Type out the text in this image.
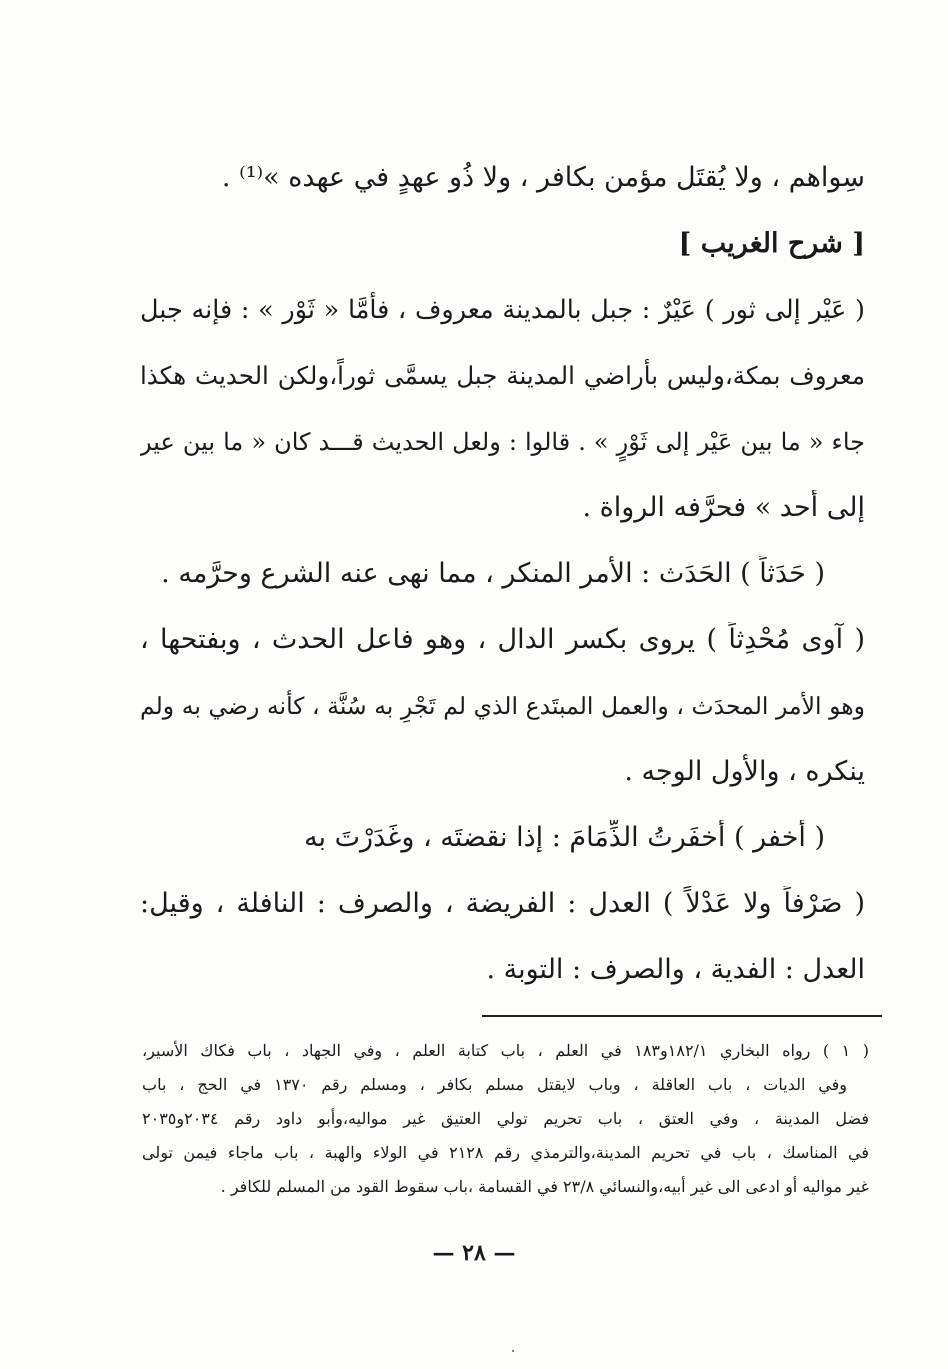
سِواهم ، ولا يُقتَل مؤمن بكافر ، ولا ذُو عهدٍ في عهده »⁽¹⁾ .
[ شرح الغريب ]
( عَيْر إلى ثور ) عَيْرٌ : جبل بالمدينة معروف ، فأمَّا « ثَوْر » : فإنه جبل
معروف بمكة،وليس بأراضي المدينة جبل يسمَّى ثوراً،ولكن الحديث هكذا
جاء « ما بين عَيْر إلى ثَوْرٍ » . قالوا : ولعل الحديث قـــد كان « ما بين عير
إلى أُحد » فحرَّفه الرواة .
( حَدَثاً ) الحَدَث : الأمر المنكر ، مما نهى عنه الشرع وحرَّمه .
( آوى مُحْدِثاً ) يروى بكسر الدال ، وهو فاعل الحدث ، وبفتحها ،
وهو الأمر المحدَث ، والعمل المبتَدع الذي لم تَجْرِ به سُنَّة ، كأنه رضي به ولم
ينكره ، والأول الوجه .
( أخفر ) أخفَرتُ الذِّمَامَ : إذا نقضتَه ، وغَدَرْتَ به
( صَرْفاً ولا عَدْلاً ) العدل : الفريضة ، والصرف : النافلة ، وقيل:
العدل : الفدية ، والصرف : التوبة .
( ١ ) رواه البخاري ١٨٢/١و١٨٣ في العلم ، باب كتابة العلم ، وفي الجهاد ، باب فكاك الأسير،
وفي الديات ، باب العاقلة ، وباب لايقتل مسلم بكافر ، ومسلم رقم ١٣٧٠ في الحج ، باب
فضل المدينة ، وفي العتق ، باب تحريم تولي العتيق غير مواليه،وأبو داود رقم ٢٠٣٤و٢٠٣٥
في المناسك ، باب في تحريم المدينة،والترمذي رقم ٢١٢٨ في الولاء والهبة ، باب ماجاء فيمن تولى
غير مواليه أو ادعى الى غير أبيه،والنسائي ٢٣/٨ في القسامة ،باب سقوط القود من المسلم للكافر .
— ٢٨ —
